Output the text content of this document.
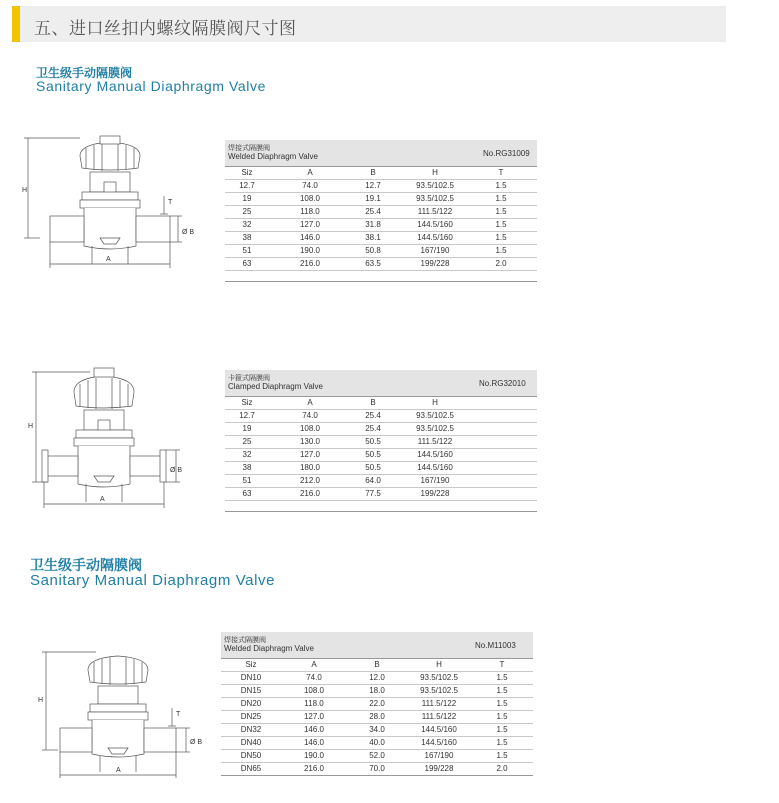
五、进口丝扣内螺纹隔膜阀尺寸图
卫生级手动隔膜阀
Sanitary Manual Diaphragm Valve
H
A
Ø B
T
焊接式隔膜阀
Welded Diaphragm Valve	No.RG31009
Siz	A	B	H	T
12.7	74.0	12.7	93.5/102.5	1.5
19	108.0	19.1	93.5/102.5	1.5
25	118.0	25.4	111.5/122	1.5
32	127.0	31.8	144.5/160	1.5
38	146.0	38.1	144.5/160	1.5
51	190.0	50.8	167/190	1.5
63	216.0	63.5	199/228	2.0
H
A
Ø B
卡箍式隔膜阀
Clamped Diaphragm Valve	No.RG32010
Siz	A	B	H
12.7	74.0	25.4	93.5/102.5
19	108.0	25.4	93.5/102.5
25	130.0	50.5	111.5/122
32	127.0	50.5	144.5/160
38	180.0	50.5	144.5/160
51	212.0	64.0	167/190
63	216.0	77.5	199/228
卫生级手动隔膜阀
Sanitary Manual Diaphragm Valve
H
A
Ø B
T
焊接式隔膜阀
Welded Diaphragm Valve	No.M11003
Siz	A	B	H	T
DN10	74.0	12.0	93.5/102.5	1.5
DN15	108.0	18.0	93.5/102.5	1.5
DN20	118.0	22.0	111.5/122	1.5
DN25	127.0	28.0	111.5/122	1.5
DN32	146.0	34.0	144.5/160	1.5
DN40	146.0	40.0	144.5/160	1.5
DN50	190.0	52.0	167/190	1.5
DN65	216.0	70.0	199/228	2.0
